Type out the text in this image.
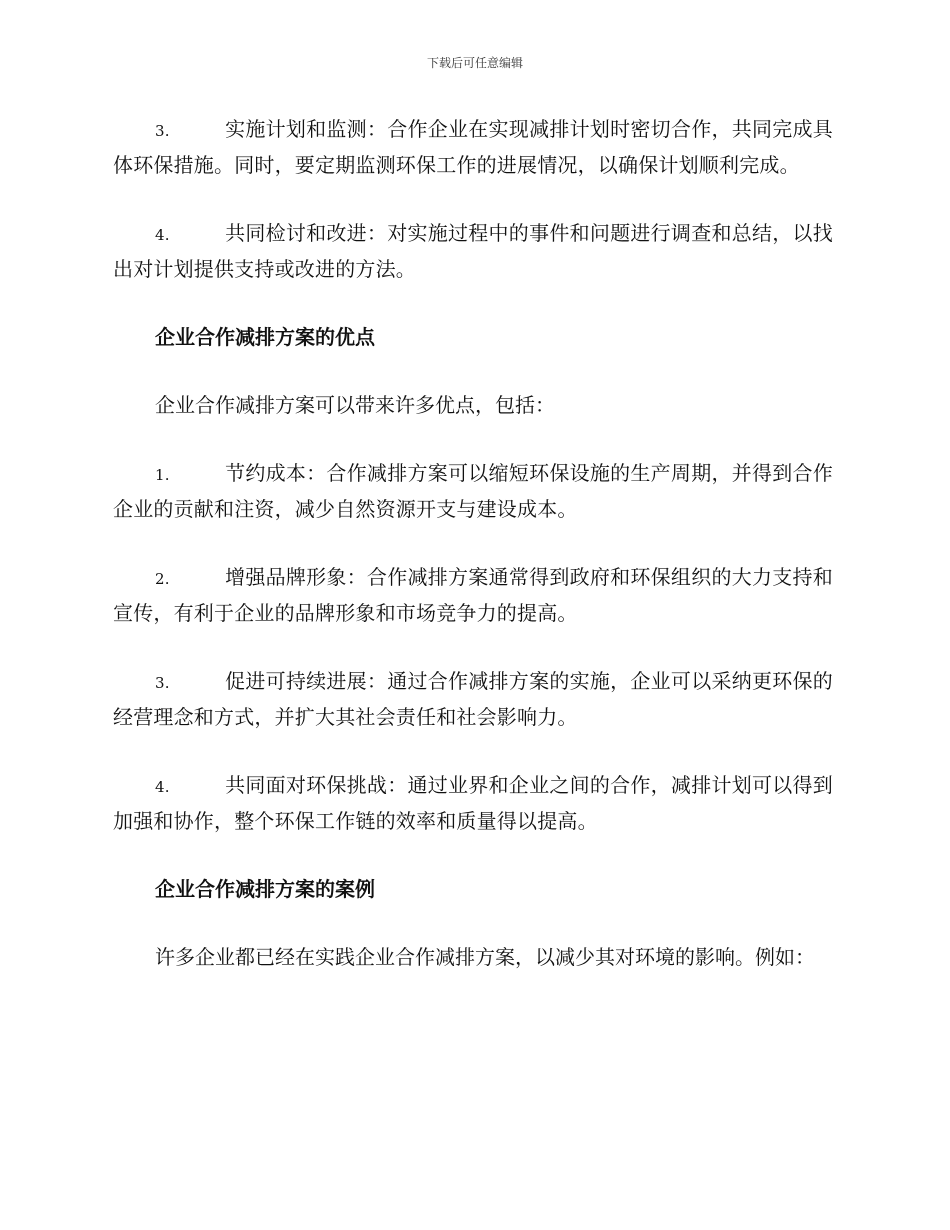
下载后可任意编辑

3.	实施计划和监测：合作企业在实现减排计划时密切合作，共同完成具体环保措施。同时，要定期监测环保工作的进展情况，以确保计划顺利完成。

4.	共同检讨和改进：对实施过程中的事件和问题进行调查和总结，以找出对计划提供支持或改进的方法。

企业合作减排方案的优点

企业合作减排方案可以带来许多优点，包括：

1.	节约成本：合作减排方案可以缩短环保设施的生产周期，并得到合作企业的贡献和注资，减少自然资源开支与建设成本。

2.	增强品牌形象：合作减排方案通常得到政府和环保组织的大力支持和宣传，有利于企业的品牌形象和市场竞争力的提高。

3.	促进可持续进展：通过合作减排方案的实施，企业可以采纳更环保的经营理念和方式，并扩大其社会责任和社会影响力。

4.	共同面对环保挑战：通过业界和企业之间的合作，减排计划可以得到加强和协作，整个环保工作链的效率和质量得以提高。

企业合作减排方案的案例

许多企业都已经在实践企业合作减排方案，以减少其对环境的影响。例如：
